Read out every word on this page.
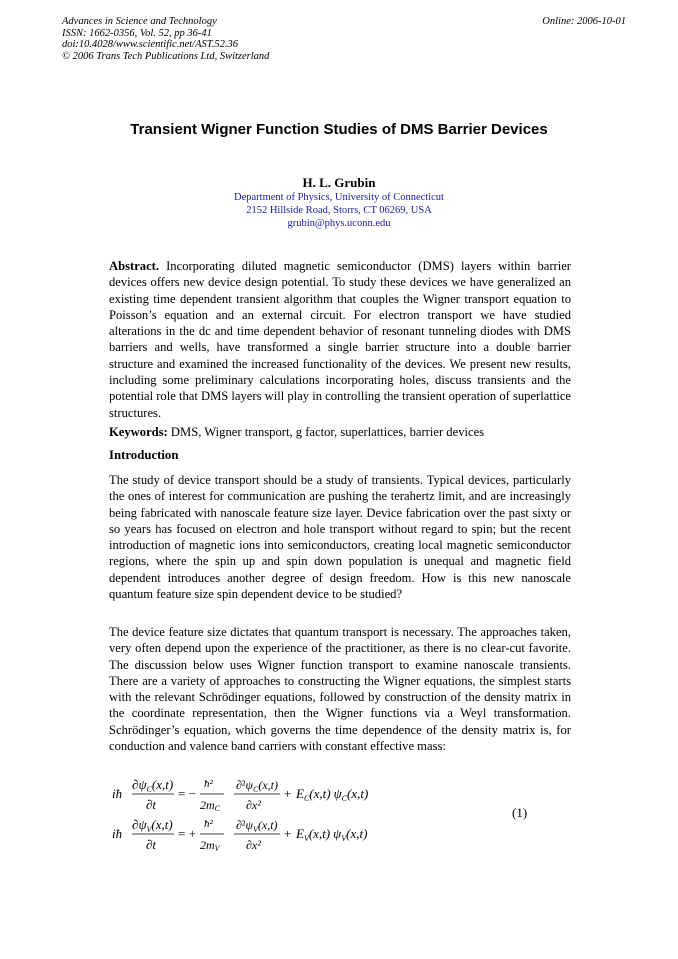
Advances in Science and Technology
ISSN: 1662-0356, Vol. 52, pp 36-41
doi:10.4028/www.scientific.net/AST.52.36
© 2006 Trans Tech Publications Ltd, Switzerland
Online: 2006-10-01
Transient Wigner Function Studies of DMS Barrier Devices
H. L. Grubin
Department of Physics, University of Connecticut
2152 Hillside Road, Storrs, CT 06269, USA
grubin@phys.uconn.edu

Abstract. Incorporating diluted magnetic semiconductor (DMS) layers within barrier devices offers new device design potential. To study these devices we have generalized an existing time dependent transient algorithm that couples the Wigner transport equation to Poisson’s equation and an external circuit. For electron transport we have studied alterations in the dc and time dependent behavior of resonant tunneling diodes with DMS barriers and wells, have transformed a single barrier structure into a double barrier structure and examined the increased functionality of the devices. We present new results, including some preliminary calculations incorporating holes, discuss transients and the potential role that DMS layers will play in controlling the transient operation of superlattice structures.

Keywords: DMS, Wigner transport, g factor, superlattices, barrier devices

Introduction

The study of device transport should be a study of transients. Typical devices, particularly the ones of interest for communication are pushing the terahertz limit, and are increasingly being fabricated with nanoscale feature size layer. Device fabrication over the past sixty or so years has focused on electron and hole transport without regard to spin; but the recent introduction of magnetic ions into semiconductors, creating local magnetic semiconductor regions, where the spin up and spin down population is unequal and magnetic field dependent introduces another degree of design freedom. How is this new nanoscale quantum feature size spin dependent device to be studied?

The device feature size dictates that quantum transport is necessary. The approaches taken, very often depend upon the experience of the practitioner, as there is no clear-cut favorite. The discussion below uses Wigner function transport to examine nanoscale transients. There are a variety of approaches to constructing the Wigner equations, the simplest starts with the relevant Schrödinger equations, followed by construction of the density matrix in the coordinate representation, then the Wigner functions via a Weyl transformation. Schrödinger’s equation, which governs the time dependence of the density matrix is, for conduction and valence band carriers with constant effective mass:

iħ
$\partial\psi_C(x,t)$
∂t
= −
ħ²
2mC
$\partial^2\psi_C(x,t)$
∂x²
+ $E_C(x,t)$ $\psi_C(x,t)$
iħ
$\partial\psi_V(x,t)$
∂t
= +
ħ²
2mV
$\partial^2\psi_V(x,t)$
∂x²
+ $E_V(x,t)$ $\psi_V(x,t)$
(1)
